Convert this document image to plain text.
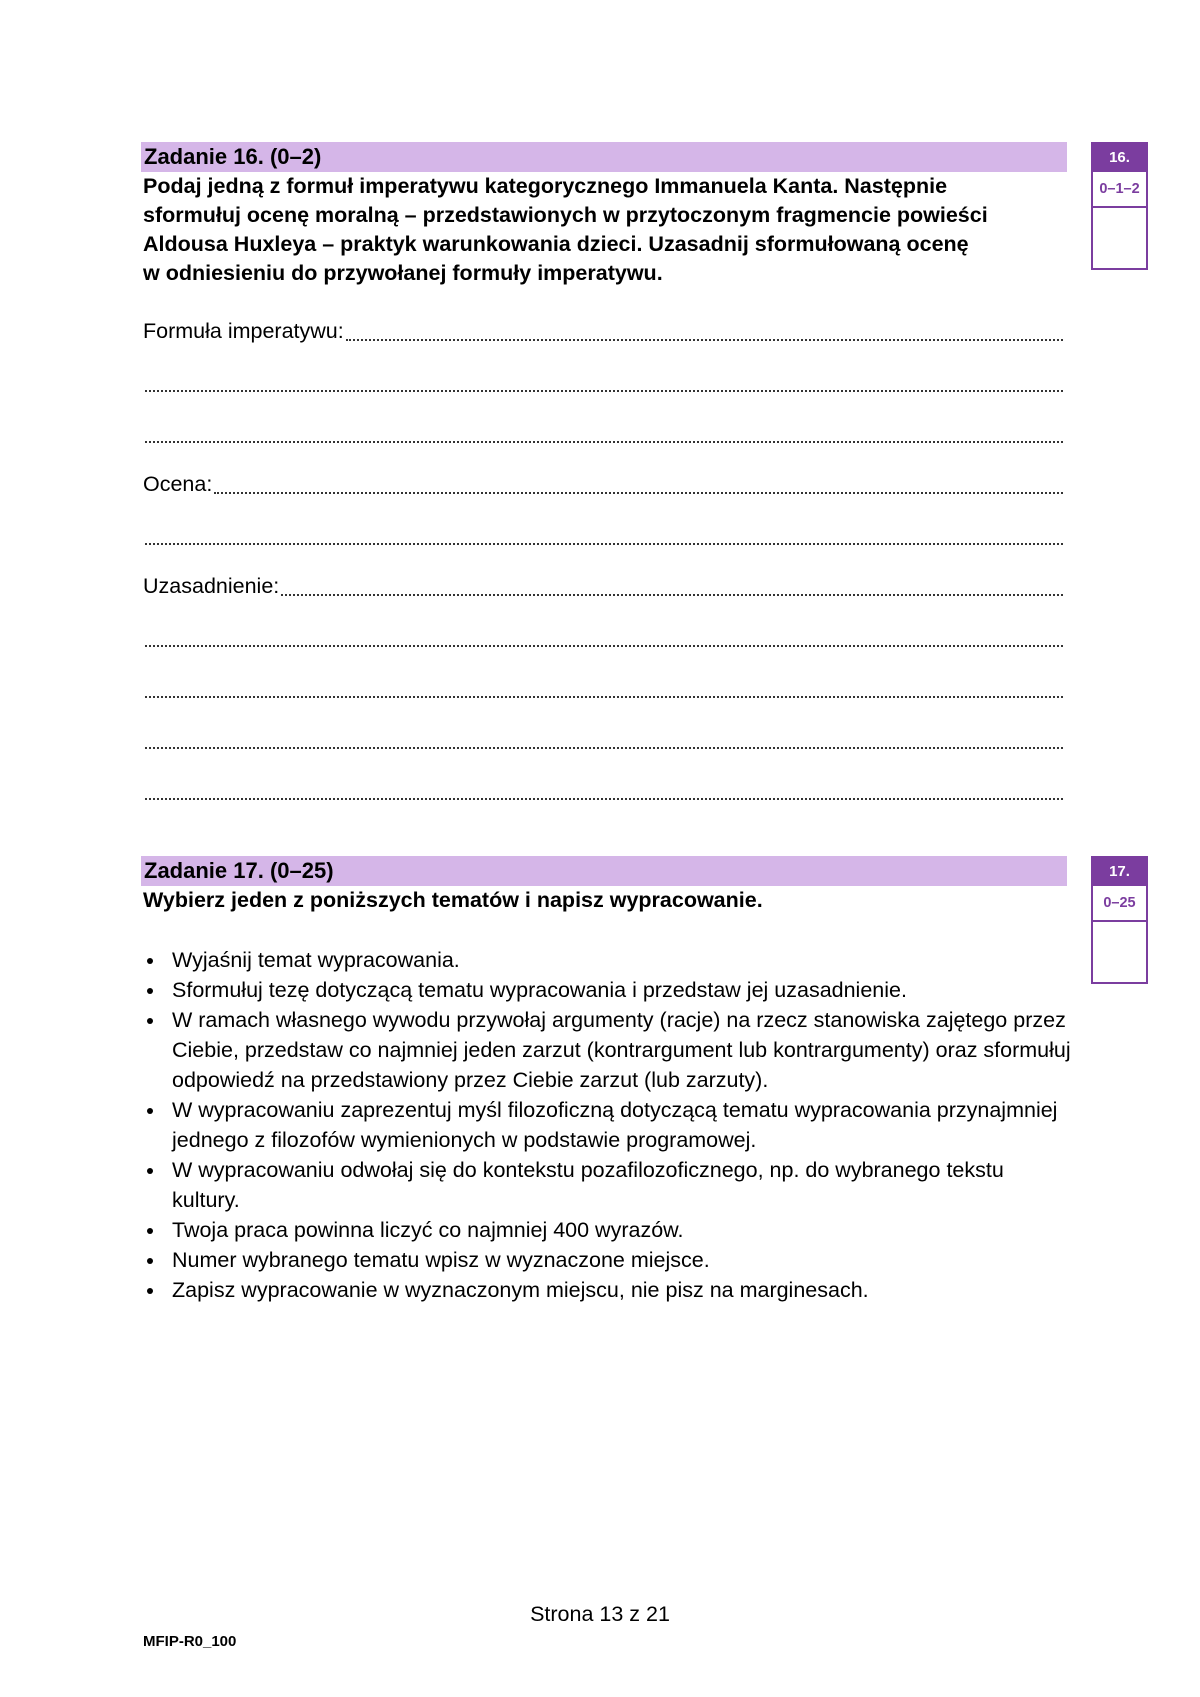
Zadanie 16. (0–2)
Podaj jedną z formuł imperatywu kategorycznego Immanuela Kanta. Następnie
sformułuj ocenę moralną – przedstawionych w przytoczonym fragmencie powieści
Aldousa Huxleya – praktyk warunkowania dzieci. Uzasadnij sformułowaną ocenę
w odniesieniu do przywołanej formuły imperatywu.
16.
0–1–2
Formuła imperatywu:
Ocena:
Uzasadnienie:
Zadanie 17. (0–25)
Wybierz jeden z poniższych tematów i napisz wypracowanie.
17.
0–25
Wyjaśnij temat wypracowania.
Sformułuj tezę dotyczącą tematu wypracowania i przedstaw jej uzasadnienie.
W ramach własnego wywodu przywołaj argumenty (racje) na rzecz stanowiska zajętego przez Ciebie, przedstaw co najmniej jeden zarzut (kontrargument lub kontrargumenty) oraz sformułuj odpowiedź na przedstawiony przez Ciebie zarzut (lub zarzuty).
W wypracowaniu zaprezentuj myśl filozoficzną dotyczącą tematu wypracowania przynajmniej jednego z filozofów wymienionych w podstawie programowej.
W wypracowaniu odwołaj się do kontekstu pozafilozoficznego, np. do wybranego tekstu kultury.
Twoja praca powinna liczyć co najmniej 400 wyrazów.
Numer wybranego tematu wpisz w wyznaczone miejsce.
Zapisz wypracowanie w wyznaczonym miejscu, nie pisz na marginesach.
Strona 13 z 21
MFIP-R0_100
